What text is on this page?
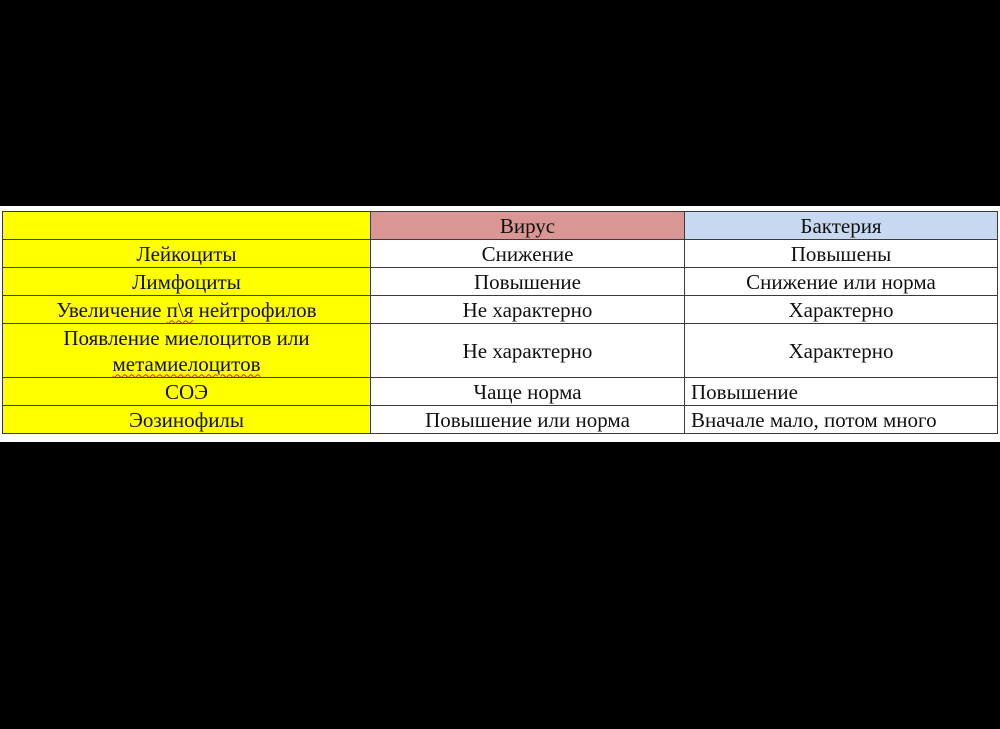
	Вирус	Бактерия
Лейкоциты	Снижение	Повышены
Лимфоциты	Повышение	Снижение или норма
Увеличение п\я нейтрофилов	Не характерно	Характерно
Появление миелоцитов или
метамиелоцитов	Не характерно	Характерно
СОЭ	Чаще норма	Повышение
Эозинофилы	Повышение или норма	Вначале мало, потом много
